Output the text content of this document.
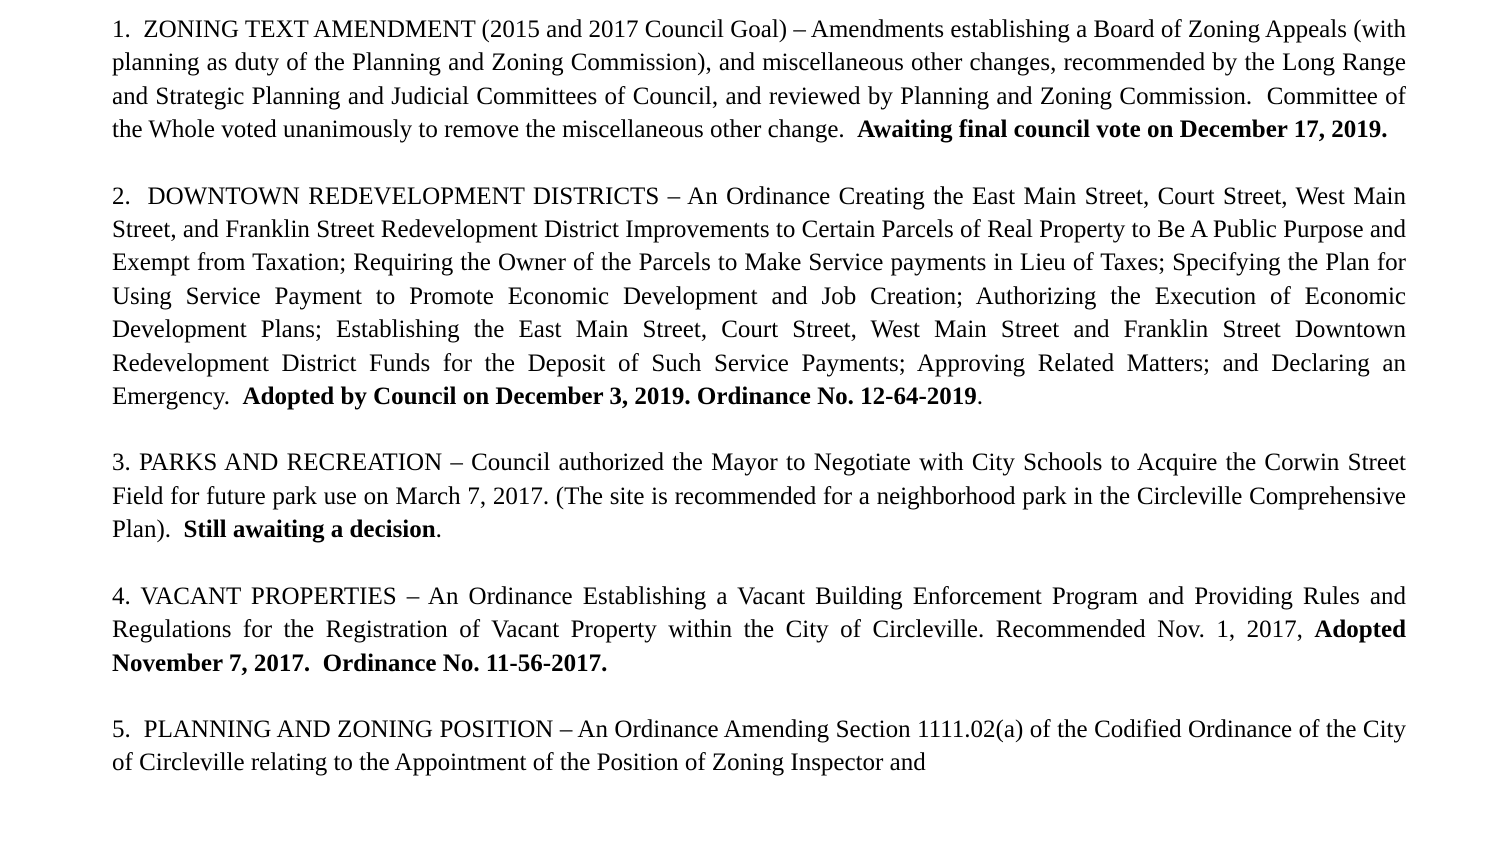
1.  ZONING TEXT AMENDMENT (2015 and 2017 Council Goal) – Amendments establishing a Board of Zoning Appeals (with planning as duty of the Planning and Zoning Commission), and miscellaneous other changes, recommended by the Long Range and Strategic Planning and Judicial Committees of Council, and reviewed by Planning and Zoning Commission.  Committee of the Whole voted unanimously to remove the miscellaneous other change.  Awaiting final council vote on December 17, 2019.

2.  DOWNTOWN REDEVELOPMENT DISTRICTS – An Ordinance Creating the East Main Street, Court Street, West Main Street, and Franklin Street Redevelopment District Improvements to Certain Parcels of Real Property to Be A Public Purpose and Exempt from Taxation; Requiring the Owner of the Parcels to Make Service payments in Lieu of Taxes; Specifying the Plan for Using Service Payment to Promote Economic Development and Job Creation; Authorizing the Execution of Economic Development Plans; Establishing the East Main Street, Court Street, West Main Street and Franklin Street Downtown Redevelopment District Funds for the Deposit of Such Service Payments; Approving Related Matters; and Declaring an Emergency.  Adopted by Council on December 3, 2019. Ordinance No. 12-64-2019.

3. PARKS AND RECREATION – Council authorized the Mayor to Negotiate with City Schools to Acquire the Corwin Street Field for future park use on March 7, 2017. (The site is recommended for a neighborhood park in the Circleville Comprehensive Plan).  Still awaiting a decision.

4. VACANT PROPERTIES – An Ordinance Establishing a Vacant Building Enforcement Program and Providing Rules and Regulations for the Registration of Vacant Property within the City of Circleville. Recommended Nov. 1, 2017, Adopted November 7, 2017.  Ordinance No. 11-56-2017.

5.  PLANNING AND ZONING POSITION – An Ordinance Amending Section 1111.02(a) of the Codified Ordinance of the City of Circleville relating to the Appointment of the Position of Zoning Inspector and
